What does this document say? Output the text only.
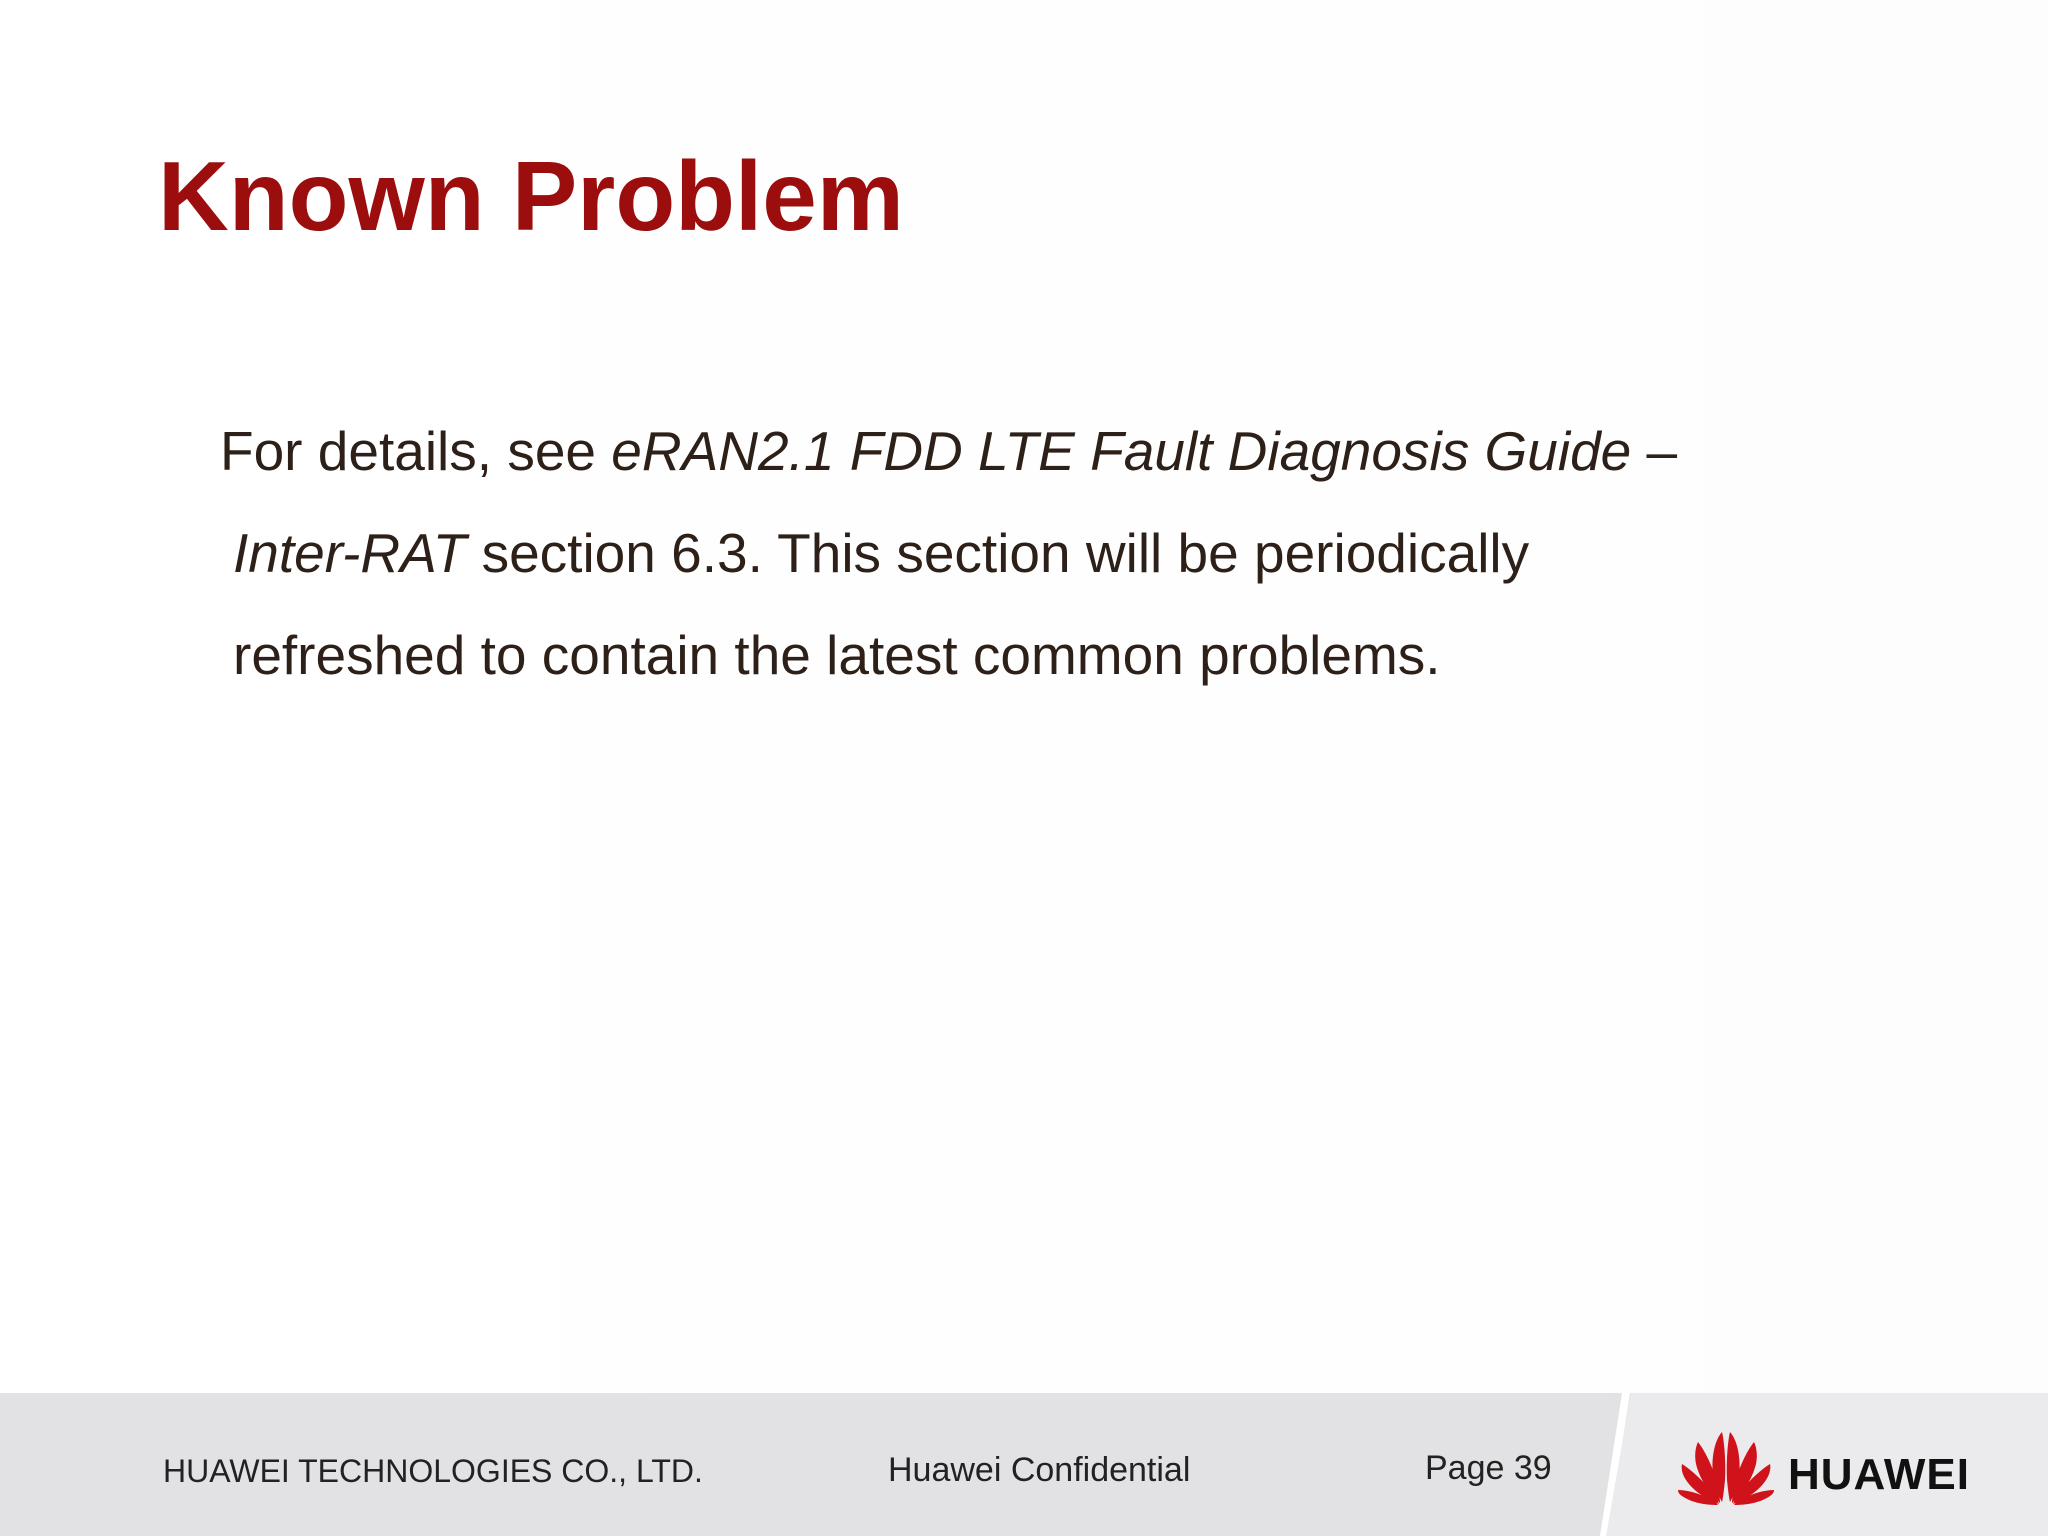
Known Problem

For details, see eRAN2.1 FDD LTE Fault Diagnosis Guide –
Inter-RAT section 6.3. This section will be periodically
refreshed to contain the latest common problems.

HUAWEI TECHNOLOGIES CO., LTD.	Huawei Confidential	Page 39	HUAWEI
